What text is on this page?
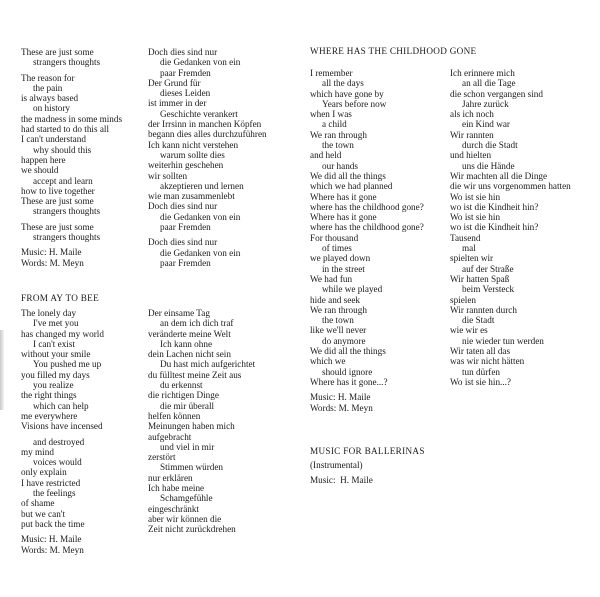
These are just some
strangers thoughts
The reason for
the pain
is always based
on history
the madness in some minds
had started to do this all
I can't understand
why should this
happen here
we should
accept and learn
how to live together
These are just some
strangers thoughts
These are just some
strangers thoughts
Music: H. Maile
Words: M. Meyn
Doch dies sind nur
die Gedanken von ein
paar Fremden
Der Grund für
dieses Leiden
ist immer in der
Geschichte verankert
der Irrsinn in manchen Köpfen
begann dies alles durchzuführen
Ich kann nicht verstehen
warum sollte dies
weiterhin geschehen
wir sollten
akzeptieren und lernen
wie man zusammenlebt
Doch dies sind nur
die Gedanken von ein
paar Fremden
Doch dies sind nur
die Gedanken von ein
paar Fremden
FROM AY TO BEE
The lonely day
I've met you
has changed my world
I can't exist
without your smile
You pushed me up
you filled my days
you realize
the right things
which can help
me everywhere
Visions have incensed
and destroyed
my mind
voices would
only explain
I have restricted
the feelings
of shame
but we can't
put back the time
Music: H. Maile
Words: M. Meyn
Der einsame Tag
an dem ich dich traf
veränderte meine Welt
Ich kann ohne
dein Lachen nicht sein
Du hast mich aufgerichtet
du fülltest meine Zeit aus
du erkennst
die richtigen Dinge
die mir überall
helfen können
Meinungen haben mich
aufgebracht
und viel in mir
zerstört
Stimmen würden
nur erklären
Ich habe meine
Schamgefühle
eingeschränkt
aber wir können die
Zeit nicht zurückdrehen
WHERE HAS THE CHILDHOOD GONE
I remember
all the days
which have gone by
Years before now
when I was
a child
We ran through
the town
and held
our hands
We did all the things
which we had planned
Where has it gone
where has the childhood gone?
Where has it gone
where has the childhood gone?
For thousand
of times
we played down
in the street
We had fun
while we played
hide and seek
We ran through
the town
like we'll never
do anymore
We did all the things
which we
should ignore
Where has it gone...?
Music: H. Maile
Words: M. Meyn
Ich erinnere mich
an all die Tage
die schon vergangen sind
Jahre zurück
als ich noch
ein Kind war
Wir rannten
durch die Stadt
und hielten
uns die Hände
Wir machten all die Dinge
die wir uns vorgenommen hatten
Wo ist sie hin
wo ist die Kindheit hin?
Wo ist sie hin
wo ist die Kindheit hin?
Tausend
mal
spielten wir
auf der Straße
Wir hatten Spaß
beim Versteck
spielen
Wir rannten durch
die Stadt
wie wir es
nie wieder tun werden
Wir taten all das
was wir nicht hätten
tun dürfen
Wo ist sie hin...?
MUSIC FOR BALLERINAS
(Instrumental)
Music:  H. Maile
